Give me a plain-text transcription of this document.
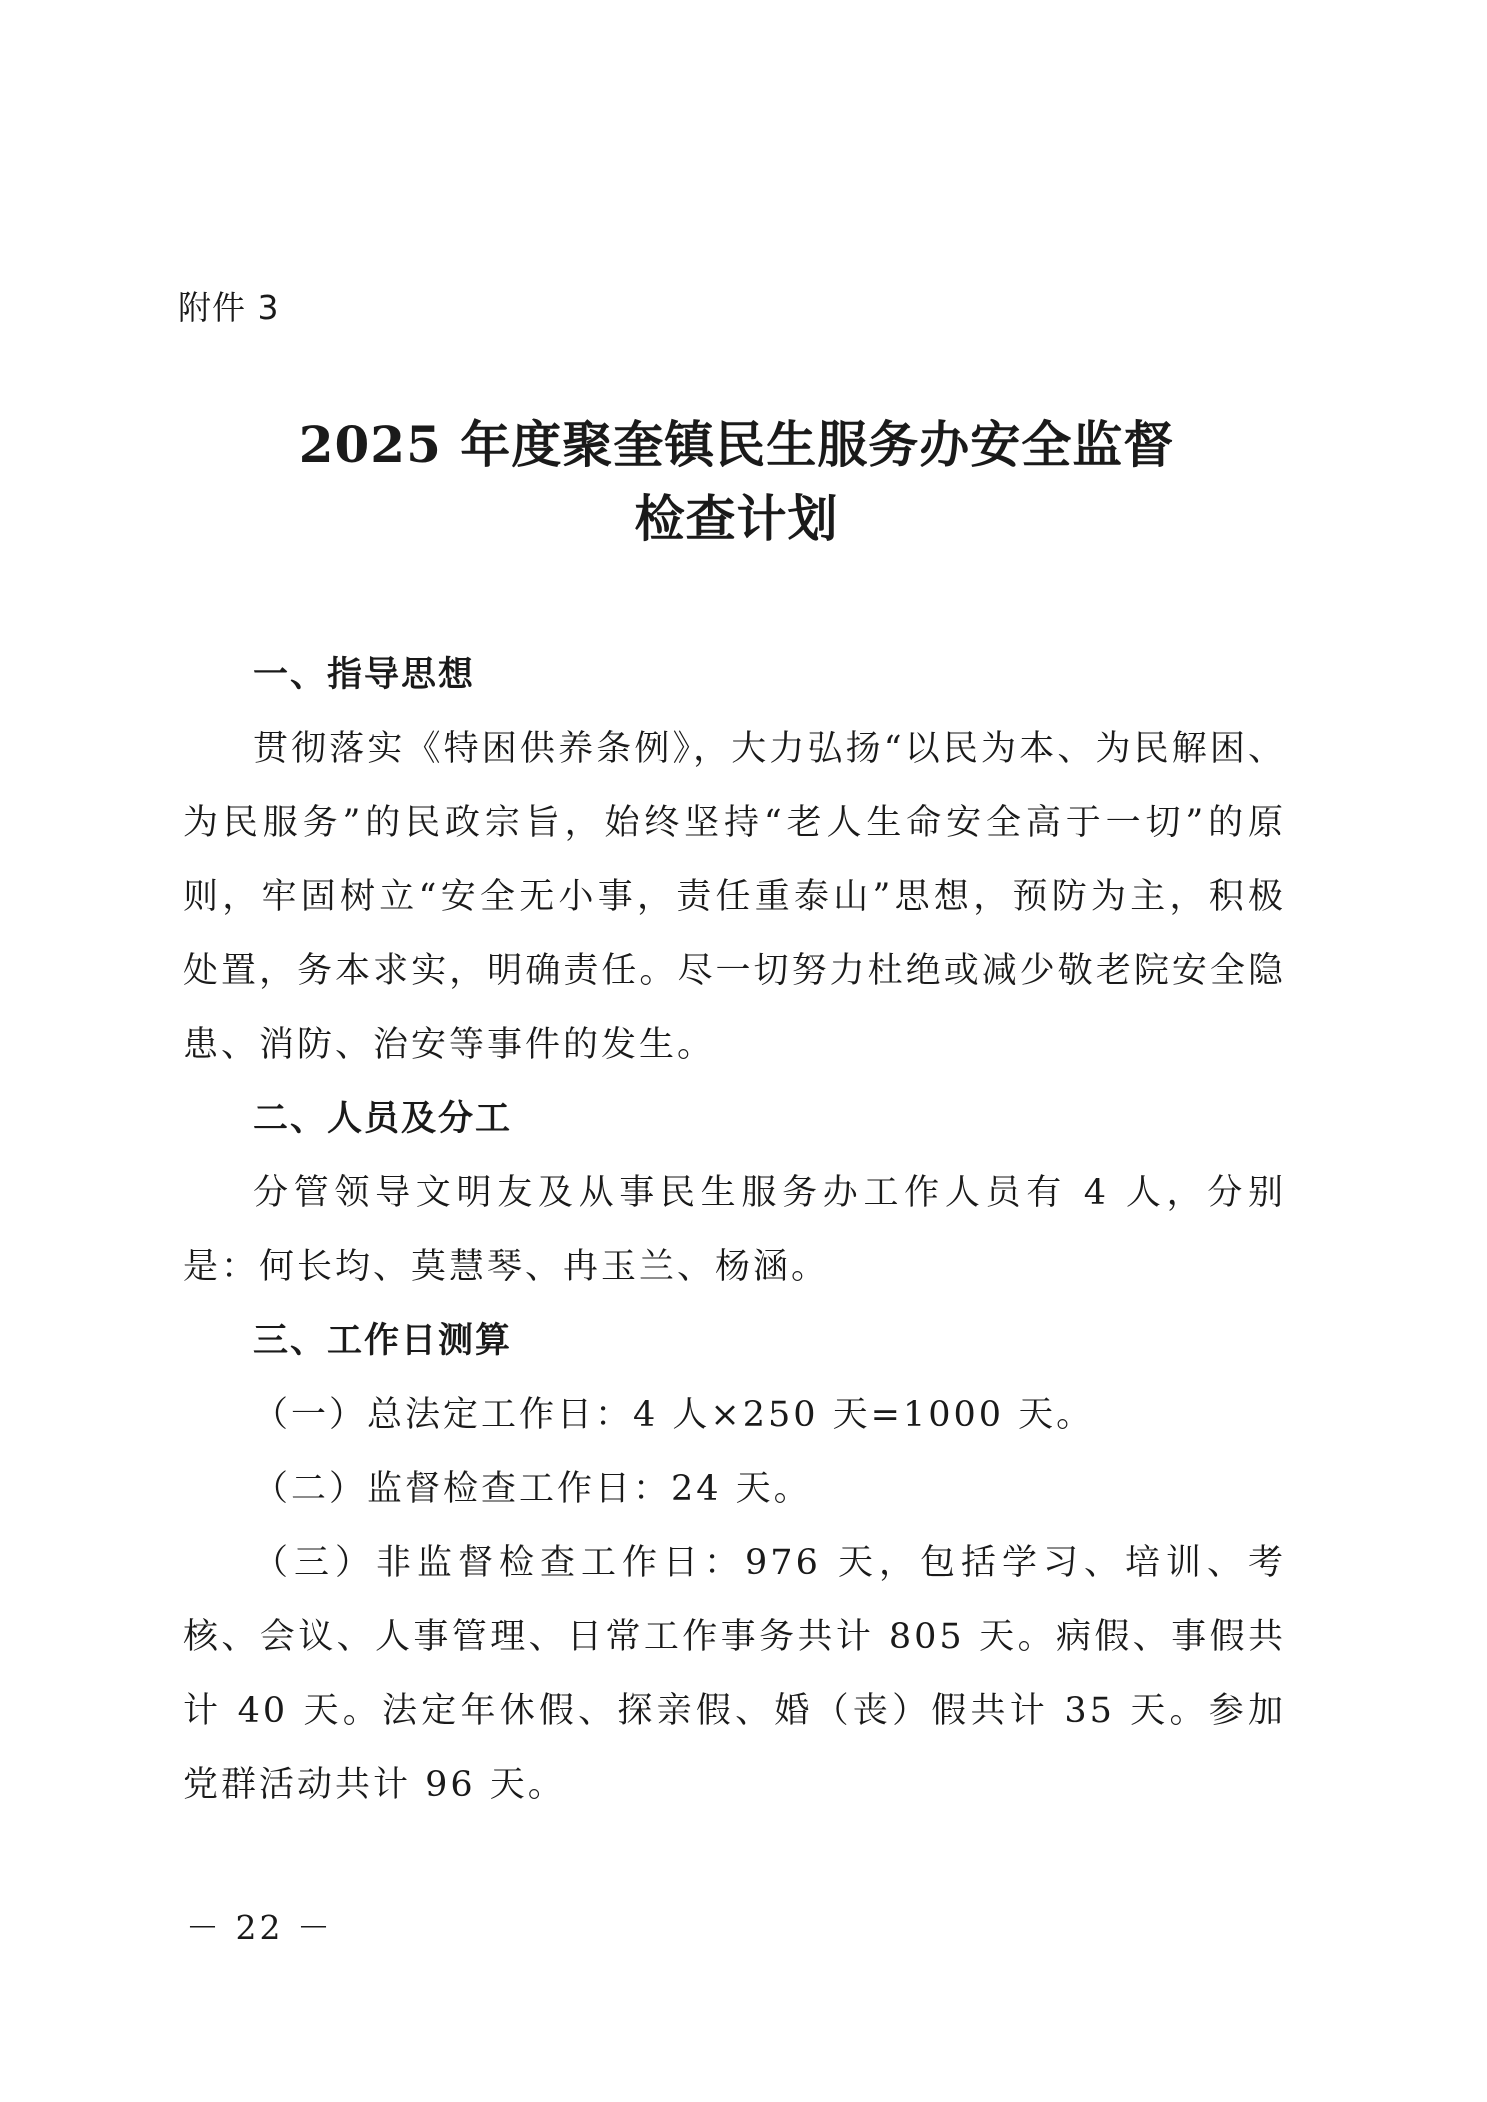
附件 3
2025 年度聚奎镇民生服务办安全监督
检查计划

一、指导思想

贯彻落实《特困供养条例》，大力弘扬“以民为本、为民解困、为民服务”的民政宗旨，始终坚持“老人生命安全高于一切”的原则，牢固树立“安全无小事，责任重泰山”思想，预防为主，积极处置，务本求实，明确责任。尽一切努力杜绝或减少敬老院安全隐患、消防、治安等事件的发生。

二、人员及分工

分管领导文明友及从事民生服务办工作人员有 4 人，分别是：何长均、莫慧琴、冉玉兰、杨涵。

三、工作日测算

（一）总法定工作日：4 人×250 天=1000 天。

（二）监督检查工作日：24 天。

（三）非监督检查工作日：976 天，包括学习、培训、考核、会议、人事管理、日常工作事务共计 805 天。病假、事假共计 40 天。法定年休假、探亲假、婚（丧）假共计 35 天。参加党群活动共计 96 天。

－ 22 －
